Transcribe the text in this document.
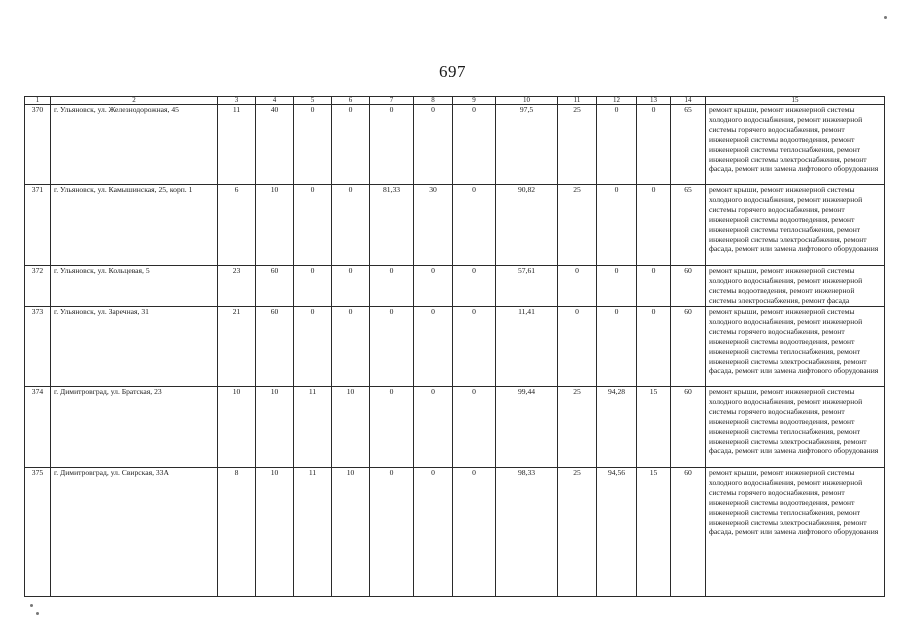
697
1	2	3	4	5	6	7	8	9	10	11	12	13	14	15
370	г. Ульяновск, ул. Железнодорожная, 45	11	40	0	0	0	0	0	97,5	25	0	0	65	ремонт крыши, ремонт инженерной системы холодного водоснабжения, ремонт инженерной системы горячего водоснабжения, ремонт инженерной системы водоотведения, ремонт инженерной системы теплоснабжения, ремонт инженерной системы электроснабжения, ремонт фасада, ремонт или замена лифтового оборудования
371	г. Ульяновск, ул. Камышинская, 25, корп. 1	6	10	0	0	81,33	30	0	90,82	25	0	0	65	ремонт крыши, ремонт инженерной системы холодного водоснабжения, ремонт инженерной системы горячего водоснабжения, ремонт инженерной системы водоотведения, ремонт инженерной системы теплоснабжения, ремонт инженерной системы электроснабжения, ремонт фасада, ремонт или замена лифтового оборудования
372	г. Ульяновск, ул. Кольцевая, 5	23	60	0	0	0	0	0	57,61	0	0	0	60	ремонт крыши, ремонт инженерной системы холодного водоснабжения, ремонт инженерной системы водоотведения, ремонт инженерной системы электроснабжения, ремонт фасада
373	г. Ульяновск, ул. Заречная, 31	21	60	0	0	0	0	0	11,41	0	0	0	60	ремонт крыши, ремонт инженерной системы холодного водоснабжения, ремонт инженерной системы горячего водоснабжения, ремонт инженерной системы водоотведения, ремонт инженерной системы теплоснабжения, ремонт инженерной системы электроснабжения, ремонт фасада, ремонт или замена лифтового оборудования
374	г. Димитровград, ул. Братская, 23	10	10	11	10	0	0	0	99,44	25	94,28	15	60	ремонт крыши, ремонт инженерной системы холодного водоснабжения, ремонт инженерной системы горячего водоснабжения, ремонт инженерной системы водоотведения, ремонт инженерной системы теплоснабжения, ремонт инженерной системы электроснабжения, ремонт фасада, ремонт или замена лифтового оборудования
375	г. Димитровград, ул. Свирская, 33А	8	10	11	10	0	0	0	98,33	25	94,56	15	60	ремонт крыши, ремонт инженерной системы холодного водоснабжения, ремонт инженерной системы горячего водоснабжения, ремонт инженерной системы водоотведения, ремонт инженерной системы теплоснабжения, ремонт инженерной системы электроснабжения, ремонт фасада, ремонт или замена лифтового оборудования
